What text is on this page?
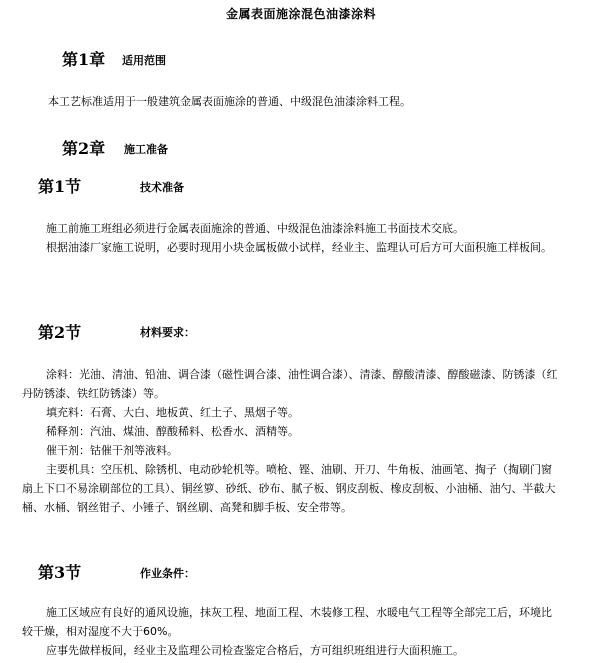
金属表面施涂混色油漆涂料
第1章 适用范围

本工艺标准适用于一般建筑金属表面施涂的普通、中级混色油漆涂料工程。

第2章 施工准备
第1节	技术准备

施工前施工班组必须进行金属表面施涂的普通、中级混色油漆涂料施工书面技术交底。

根据油漆厂家施工说明，必要时现用小块金属板做小试样，经业主、监理认可后方可大面积施工样板间。

第2节	材料要求：

涂料：光油、清油、铅油、调合漆（磁性调合漆、油性调合漆）、清漆、醇酸清漆、醇酸磁漆、防锈漆（红丹防锈漆、铁红防锈漆）等。

填充料：石膏、大白、地板黄、红土子、黑烟子等。

稀释剂：汽油、煤油、醇酸稀料、松香水、酒精等。

催干剂：钴催干剂等液料。

主要机具：空压机、除锈机、电动砂轮机等。喷枪、铿、油刷、开刀、牛角板、油画笔、掏子（掏刷门窗扇上下口不易涂刷部位的工具）、铜丝箩、砂纸、砂布、腻子板、钢皮刮板、橡皮刮板、小油桶、油勺、半截大桶、水桶、钢丝钳子、小锤子、钢丝刷、高凳和脚手板、安全带等。

第3节	作业条件：

施工区域应有良好的通风设施，抹灰工程、地面工程、木装修工程、水暖电气工程等全部完工后，环境比较干燥，相对湿度不大于60%。

应事先做样板间，经业主及监理公司检查鉴定合格后，方可组织班组进行大面积施工。
